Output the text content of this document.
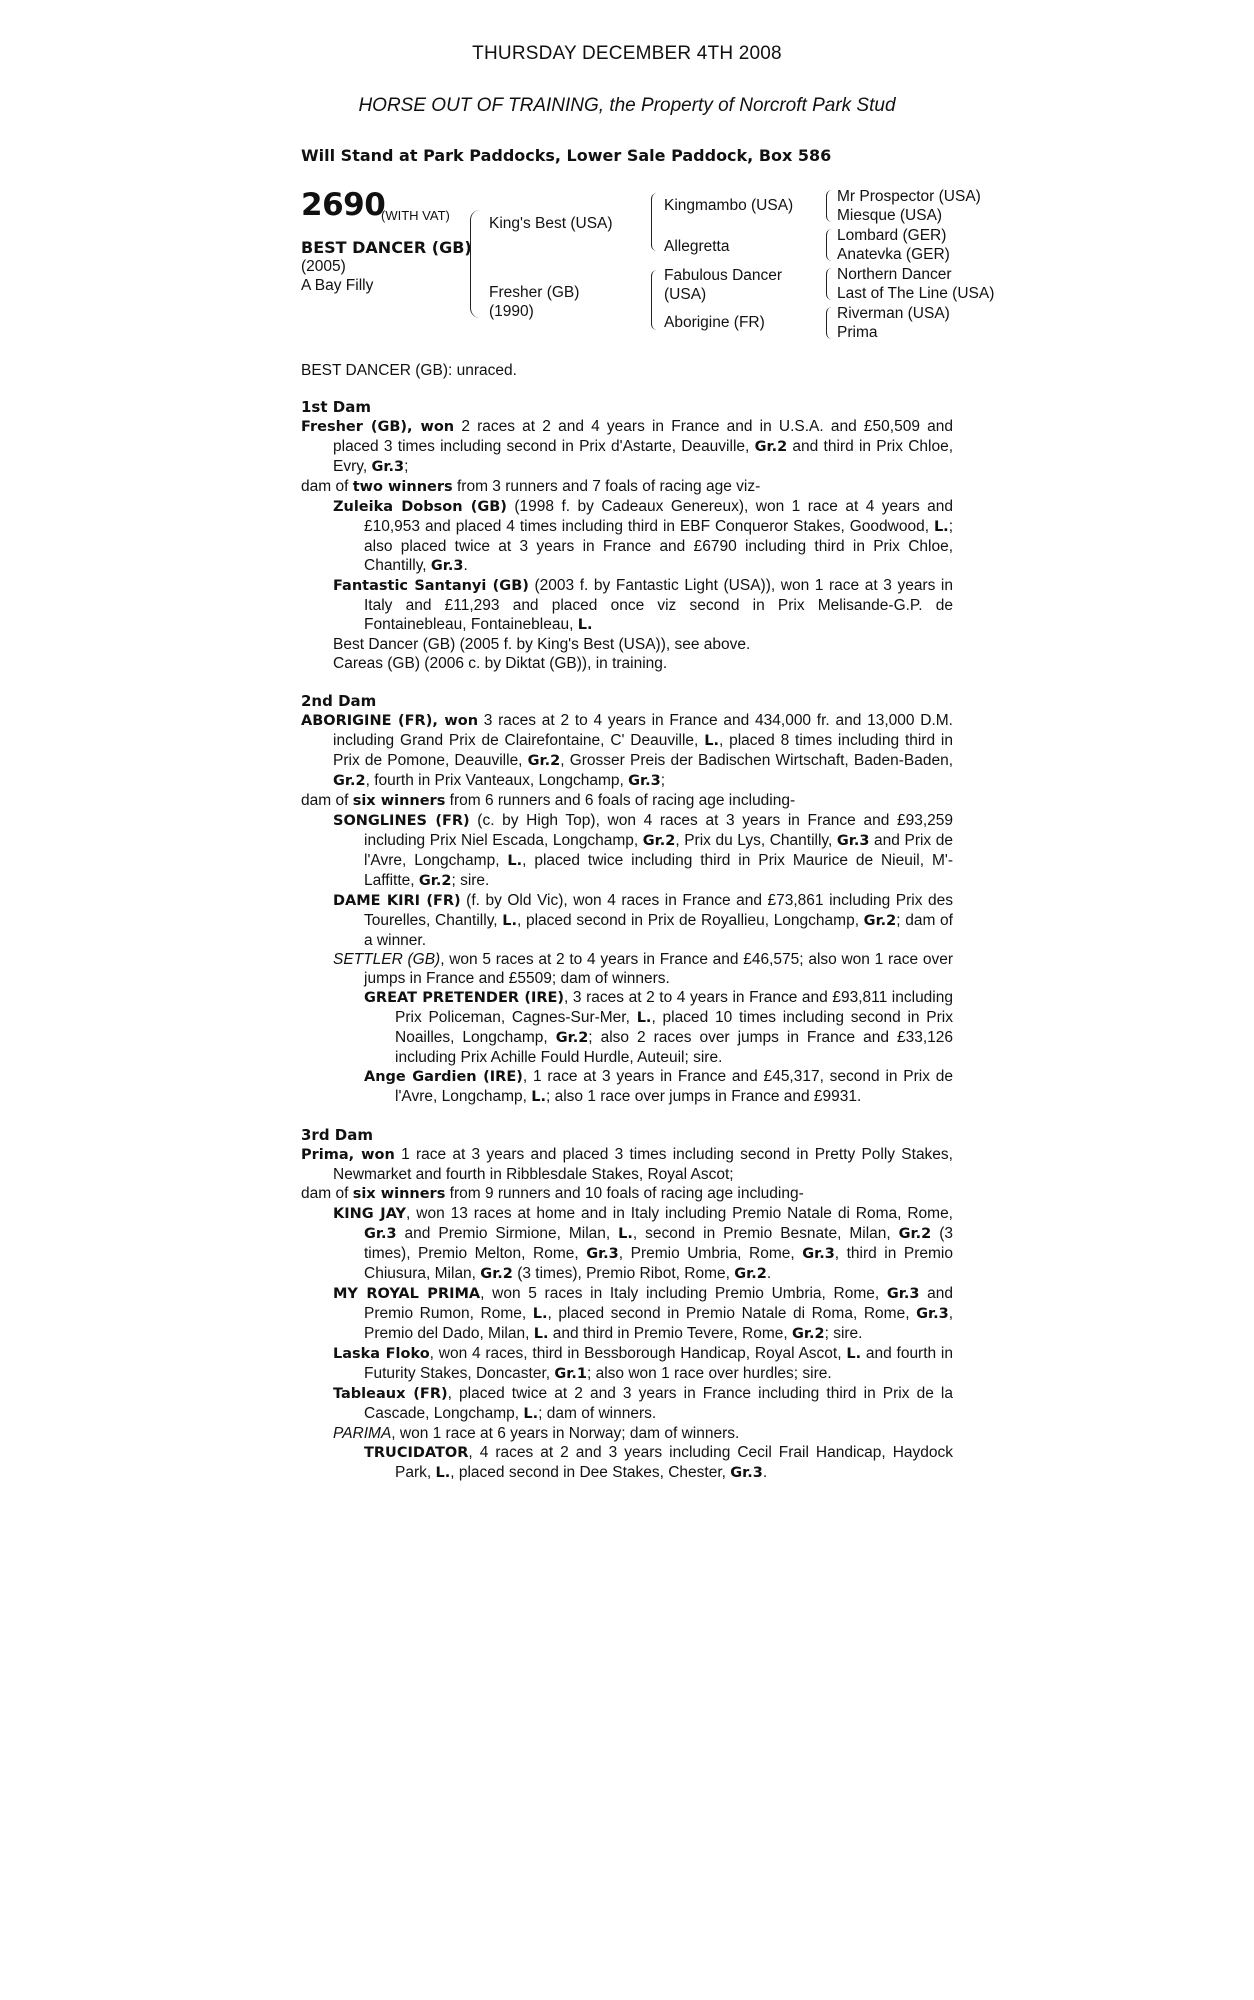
THURSDAY DECEMBER 4TH 2008
HORSE OUT OF TRAINING, the Property of Norcroft Park Stud
Will Stand at Park Paddocks, Lower Sale Paddock, Box 586
2690
(WITH VAT)
BEST DANCER (GB)
(2005)
A Bay Filly
King's Best (USA)
Fresher (GB)
(1990)
Kingmambo (USA)
Allegretta
Fabulous Dancer
(USA)
Aborigine (FR)
Mr Prospector (USA)
Miesque (USA)
Lombard (GER)
Anatevka (GER)
Northern Dancer
Last of The Line (USA)
Riverman (USA)
Prima
BEST DANCER (GB): unraced.
1st Dam
Fresher (GB), won 2 races at 2 and 4 years in France and in U.S.A. and £50,509 and placed 3 times including second in Prix d'Astarte, Deauville, Gr.2 and third in Prix Chloe, Evry, Gr.3;
dam of two winners from 3 runners and 7 foals of racing age viz-
Zuleika Dobson (GB) (1998 f. by Cadeaux Genereux), won 1 race at 4 years and £10,953 and placed 4 times including third in EBF Conqueror Stakes, Goodwood, L.; also placed twice at 3 years in France and £6790 including third in Prix Chloe, Chantilly, Gr.3.
Fantastic Santanyi (GB) (2003 f. by Fantastic Light (USA)), won 1 race at 3 years in Italy and £11,293 and placed once viz second in Prix Melisande-G.P. de Fontainebleau, Fontainebleau, L.
Best Dancer (GB) (2005 f. by King's Best (USA)), see above.
Careas (GB) (2006 c. by Diktat (GB)), in training.
2nd Dam
ABORIGINE (FR), won 3 races at 2 to 4 years in France and 434,000 fr. and 13,000 D.M. including Grand Prix de Clairefontaine, C' Deauville, L., placed 8 times including third in Prix de Pomone, Deauville, Gr.2, Grosser Preis der Badischen Wirtschaft, Baden-Baden, Gr.2, fourth in Prix Vanteaux, Longchamp, Gr.3;
dam of six winners from 6 runners and 6 foals of racing age including-
SONGLINES (FR) (c. by High Top), won 4 races at 3 years in France and £93,259 including Prix Niel Escada, Longchamp, Gr.2, Prix du Lys, Chantilly, Gr.3 and Prix de l'Avre, Longchamp, L., placed twice including third in Prix Maurice de Nieuil, M'-Laffitte, Gr.2; sire.
DAME KIRI (FR) (f. by Old Vic), won 4 races in France and £73,861 including Prix des Tourelles, Chantilly, L., placed second in Prix de Royallieu, Longchamp, Gr.2; dam of a winner.
SETTLER (GB), won 5 races at 2 to 4 years in France and £46,575; also won 1 race over jumps in France and £5509; dam of winners.
GREAT PRETENDER (IRE), 3 races at 2 to 4 years in France and £93,811 including Prix Policeman, Cagnes-Sur-Mer, L., placed 10 times including second in Prix Noailles, Longchamp, Gr.2; also 2 races over jumps in France and £33,126 including Prix Achille Fould Hurdle, Auteuil; sire.
Ange Gardien (IRE), 1 race at 3 years in France and £45,317, second in Prix de l'Avre, Longchamp, L.; also 1 race over jumps in France and £9931.
3rd Dam
Prima, won 1 race at 3 years and placed 3 times including second in Pretty Polly Stakes, Newmarket and fourth in Ribblesdale Stakes, Royal Ascot;
dam of six winners from 9 runners and 10 foals of racing age including-
KING JAY, won 13 races at home and in Italy including Premio Natale di Roma, Rome, Gr.3 and Premio Sirmione, Milan, L., second in Premio Besnate, Milan, Gr.2 (3 times), Premio Melton, Rome, Gr.3, Premio Umbria, Rome, Gr.3, third in Premio Chiusura, Milan, Gr.2 (3 times), Premio Ribot, Rome, Gr.2.
MY ROYAL PRIMA, won 5 races in Italy including Premio Umbria, Rome, Gr.3 and Premio Rumon, Rome, L., placed second in Premio Natale di Roma, Rome, Gr.3, Premio del Dado, Milan, L. and third in Premio Tevere, Rome, Gr.2; sire.
Laska Floko, won 4 races, third in Bessborough Handicap, Royal Ascot, L. and fourth in Futurity Stakes, Doncaster, Gr.1; also won 1 race over hurdles; sire.
Tableaux (FR), placed twice at 2 and 3 years in France including third in Prix de la Cascade, Longchamp, L.; dam of winners.
PARIMA, won 1 race at 6 years in Norway; dam of winners.
TRUCIDATOR, 4 races at 2 and 3 years including Cecil Frail Handicap, Haydock Park, L., placed second in Dee Stakes, Chester, Gr.3.
